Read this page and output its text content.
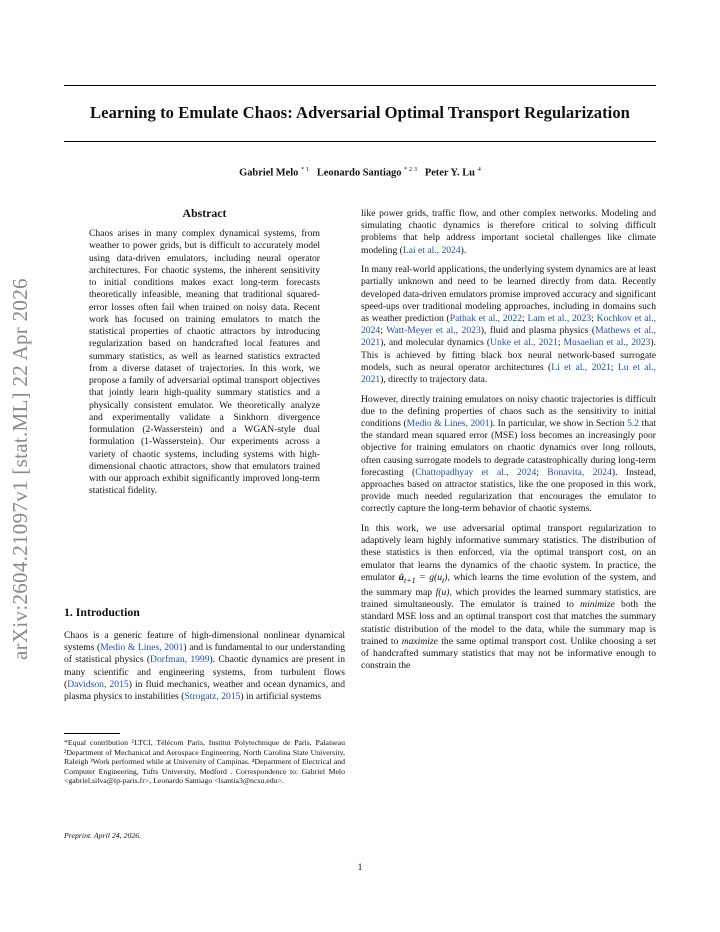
Learning to Emulate Chaos: Adversarial Optimal Transport Regularization
Gabriel Melo $^{* 1}$ Leonardo Santiago $^{* 2 3}$ Peter Y. Lu $^4$
arXiv:2604.21097v1 [stat.ML] 22 Apr 2026
Abstract
Chaos arises in many complex dynamical systems, from weather to power grids, but is difficult to accurately model using data-driven emulators, including neural operator architectures. For chaotic systems, the inherent sensitivity to initial conditions makes exact long-term forecasts theoretically infeasible, meaning that traditional squared-error losses often fail when trained on noisy data. Recent work has focused on training emulators to match the statistical properties of chaotic attractors by introducing regularization based on handcrafted local features and summary statistics, as well as learned statistics extracted from a diverse dataset of trajectories. In this work, we propose a family of adversarial optimal transport objectives that jointly learn high-quality summary statistics and a physically consistent emulator. We theoretically analyze and experimentally validate a Sinkhorn divergence formulation (2-Wasserstein) and a WGAN-style dual formulation (1-Wasserstein). Our experiments across a variety of chaotic systems, including systems with high-dimensional chaotic attractors, show that emulators trained with our approach exhibit significantly improved long-term statistical fidelity.
1. Introduction
Chaos is a generic feature of high-dimensional nonlinear dynamical systems (Medio & Lines, 2001) and is fundamental to our understanding of statistical physics (Dorfman, 1999). Chaotic dynamics are present in many scientific and engineering systems, from turbulent flows (Davidson, 2015) in fluid mechanics, weather and ocean dynamics, and plasma physics to instabilities (Strogatz, 2015) in artificial systems
*Equal contribution ¹LTCI, Télécom Paris, Institut Polytechnique de Paris, Palaiseau ²Department of Mechanical and Aerospace Engineering, North Carolina State University, Raleigh ³Work performed while at University of Campinas. ⁴Department of Electrical and Computer Engineering, Tufts University, Medford . Correspondence to: Gabriel Melo <gabriel.silva@ip-paris.fr>, Leonardo Santiago <lsantia3@ncsu.edu>.
Preprint. April 24, 2026.

like power grids, traffic flow, and other complex networks. Modeling and simulating chaotic dynamics is therefore critical to solving difficult problems that help address important societal challenges like climate modeling (Lai et al., 2024).

In many real-world applications, the underlying system dynamics are at least partially unknown and need to be learned directly from data. Recently developed data-driven emulators promise improved accuracy and significant speed-ups over traditional modeling approaches, including in domains such as weather prediction (Pathak et al., 2022; Lam et al., 2023; Kochkov et al., 2024; Watt-Meyer et al., 2023), fluid and plasma physics (Mathews et al., 2021), and molecular dynamics (Unke et al., 2021; Musaelian et al., 2023). This is achieved by fitting black box neural network-based surrogate models, such as neural operator architectures (Li et al., 2021; Lu et al., 2021), directly to trajectory data.

However, directly training emulators on noisy chaotic trajectories is difficult due to the defining properties of chaos such as the sensitivity to initial conditions (Medio & Lines, 2001). In particular, we show in Section 5.2 that the standard mean squared error (MSE) loss becomes an increasingly poor objective for training emulators on chaotic dynamics over long rollouts, often causing surrogate models to degrade catastrophically during long-term forecasting (Chattopadhyay et al., 2024; Bonavita, 2024). Instead, approaches based on attractor statistics, like the one proposed in this work, provide much needed regularization that encourages the emulator to correctly capture the long-term behavior of chaotic systems.

In this work, we use adversarial optimal transport regularization to adaptively learn highly informative summary statistics. The distribution of these statistics is then enforced, via the optimal transport cost, on an emulator that learns the dynamics of the chaotic system. In practice, the emulator $û_{t+1} = g(u_t)$, which learns the time evolution of the system, and the summary map f(u), which provides the learned summary statistics, are trained simultaneously. The emulator is trained to minimize both the standard MSE loss and an optimal transport cost that matches the summary statistic distribution of the model to the data, while the summary map is trained to maximize the same optimal transport cost. Unlike choosing a set of handcrafted summary statistics that may not be informative enough to constrain the

1
